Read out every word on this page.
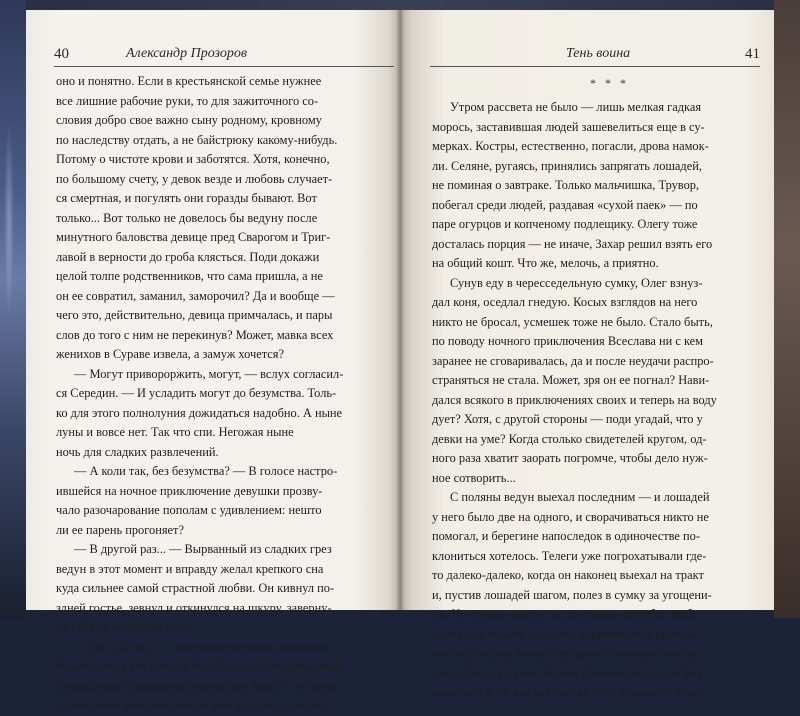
40	Александр Прозоров
оно и понятно. Если в крестьянской семье нужнее
все лишние рабочие руки, то для зажиточного со-
словия добро свое важно сыну родному, кровному
по наследству отдать, а не байстрюку какому-нибудь.
Потому о чистоте крови и заботятся. Хотя, конечно,
по большому счету, у девок везде и любовь случает-
ся смертная, и погулять они горазды бывают. Вот
только... Вот только не довелось бы ведуну после
минутного баловства девице пред Сварогом и Триг-
лавой в верности до гроба клясться. Поди докажи
целой толпе родственников, что сама пришла, а не
он ее совратил, заманил, заморочил? Да и вообще —
чего это, действительно, девица примчалась, и пары
слов до того с ним не перекинув? Может, мавка всех
женихов в Сураве извела, а замуж хочется?
— Могут привороржить, могут, — вслух согласил-
ся Середин. — И усладить могут до безумства. Толь-
ко для этого полнолуния дожидаться надобно. А ныне
луны и вовсе нет. Так что спи. Негожая ныне
ночь для сладких развлечений.
— А коли так, без безумства? — В голосе настро-
ившейся на ночное приключение девушки прозву-
чало разочарование пополам с удивлением: нешто
ли ее парень прогоняет?
— В другой раз... — Вырванный из сладких грез
ведун в этот момент и вправду желал крепкого сна
куда сильнее самой страстной любви. Он кивнул по-
здней гостье, зевнул и откинулся на шкуру, заверну-
на себя ее мохнатый край.
— Ты... Да ты... — Всеслава внезапно довольно
больно пнула его ногой в бок. Середин, непривыкший
к подобному обращению, вскинулся было — но деви-
ца широким мужским шагом уже шагала к телегам.
Тень воина	41
* * *
Утром рассвета не было — лишь мелкая гадкая
морось, заставившая людей зашевелиться еще в су-
мерках. Костры, естественно, погасли, дрова намок-
ли. Селяне, ругаясь, принялись запрягать лошадей,
не поминая о завтраке. Только мальчишка, Трувор,
побегал среди людей, раздавая «сухой паек» — по
паре огурцов и копченому подлещику. Олегу тоже
досталась порция — не иначе, Захар решил взять его
на общий кошт. Что же, мелочь, а приятно.
Сунув еду в чересседельную сумку, Олег взнуз-
дал коня, оседлал гнедую. Косых взглядов на него
никто не бросал, усмешек тоже не было. Стало быть,
по поводу ночного приключения Всеслава ни с кем
заранее не сговаривалась, да и после неудачи распро-
страняться не стала. Может, зря он ее погнал? Нави-
дался всякого в приключениях своих и теперь на воду
дует? Хотя, с другой стороны — поди угадай, что у
девки на уме? Когда столько свидетелей кругом, од-
ного раза хватит заорать погромче, чтобы дело нуж-
ное сотворить...
С поляны ведун выехал последним — и лошадей
у него было две на одного, и сворачиваться никто не
помогал, и берегине напоследок в одиночестве по-
клониться хотелось. Телеги уже погрохатывали где-
то далеко-далеко, когда он наконец выехал на тракт
и, пустив лошадей шагом, полез в сумку за угощени-
ем. Не спеша, ломтик за ломтиком, истребил рыбу,
роняя под копыта лоскутки коричневой, с крупны-
ми чешуйками, кожи, отер руки о влажную листву,
захрустел огурцами. К тому времени, когда завтрак
закончился, он как раз нагнал обоз и накинул пово-
